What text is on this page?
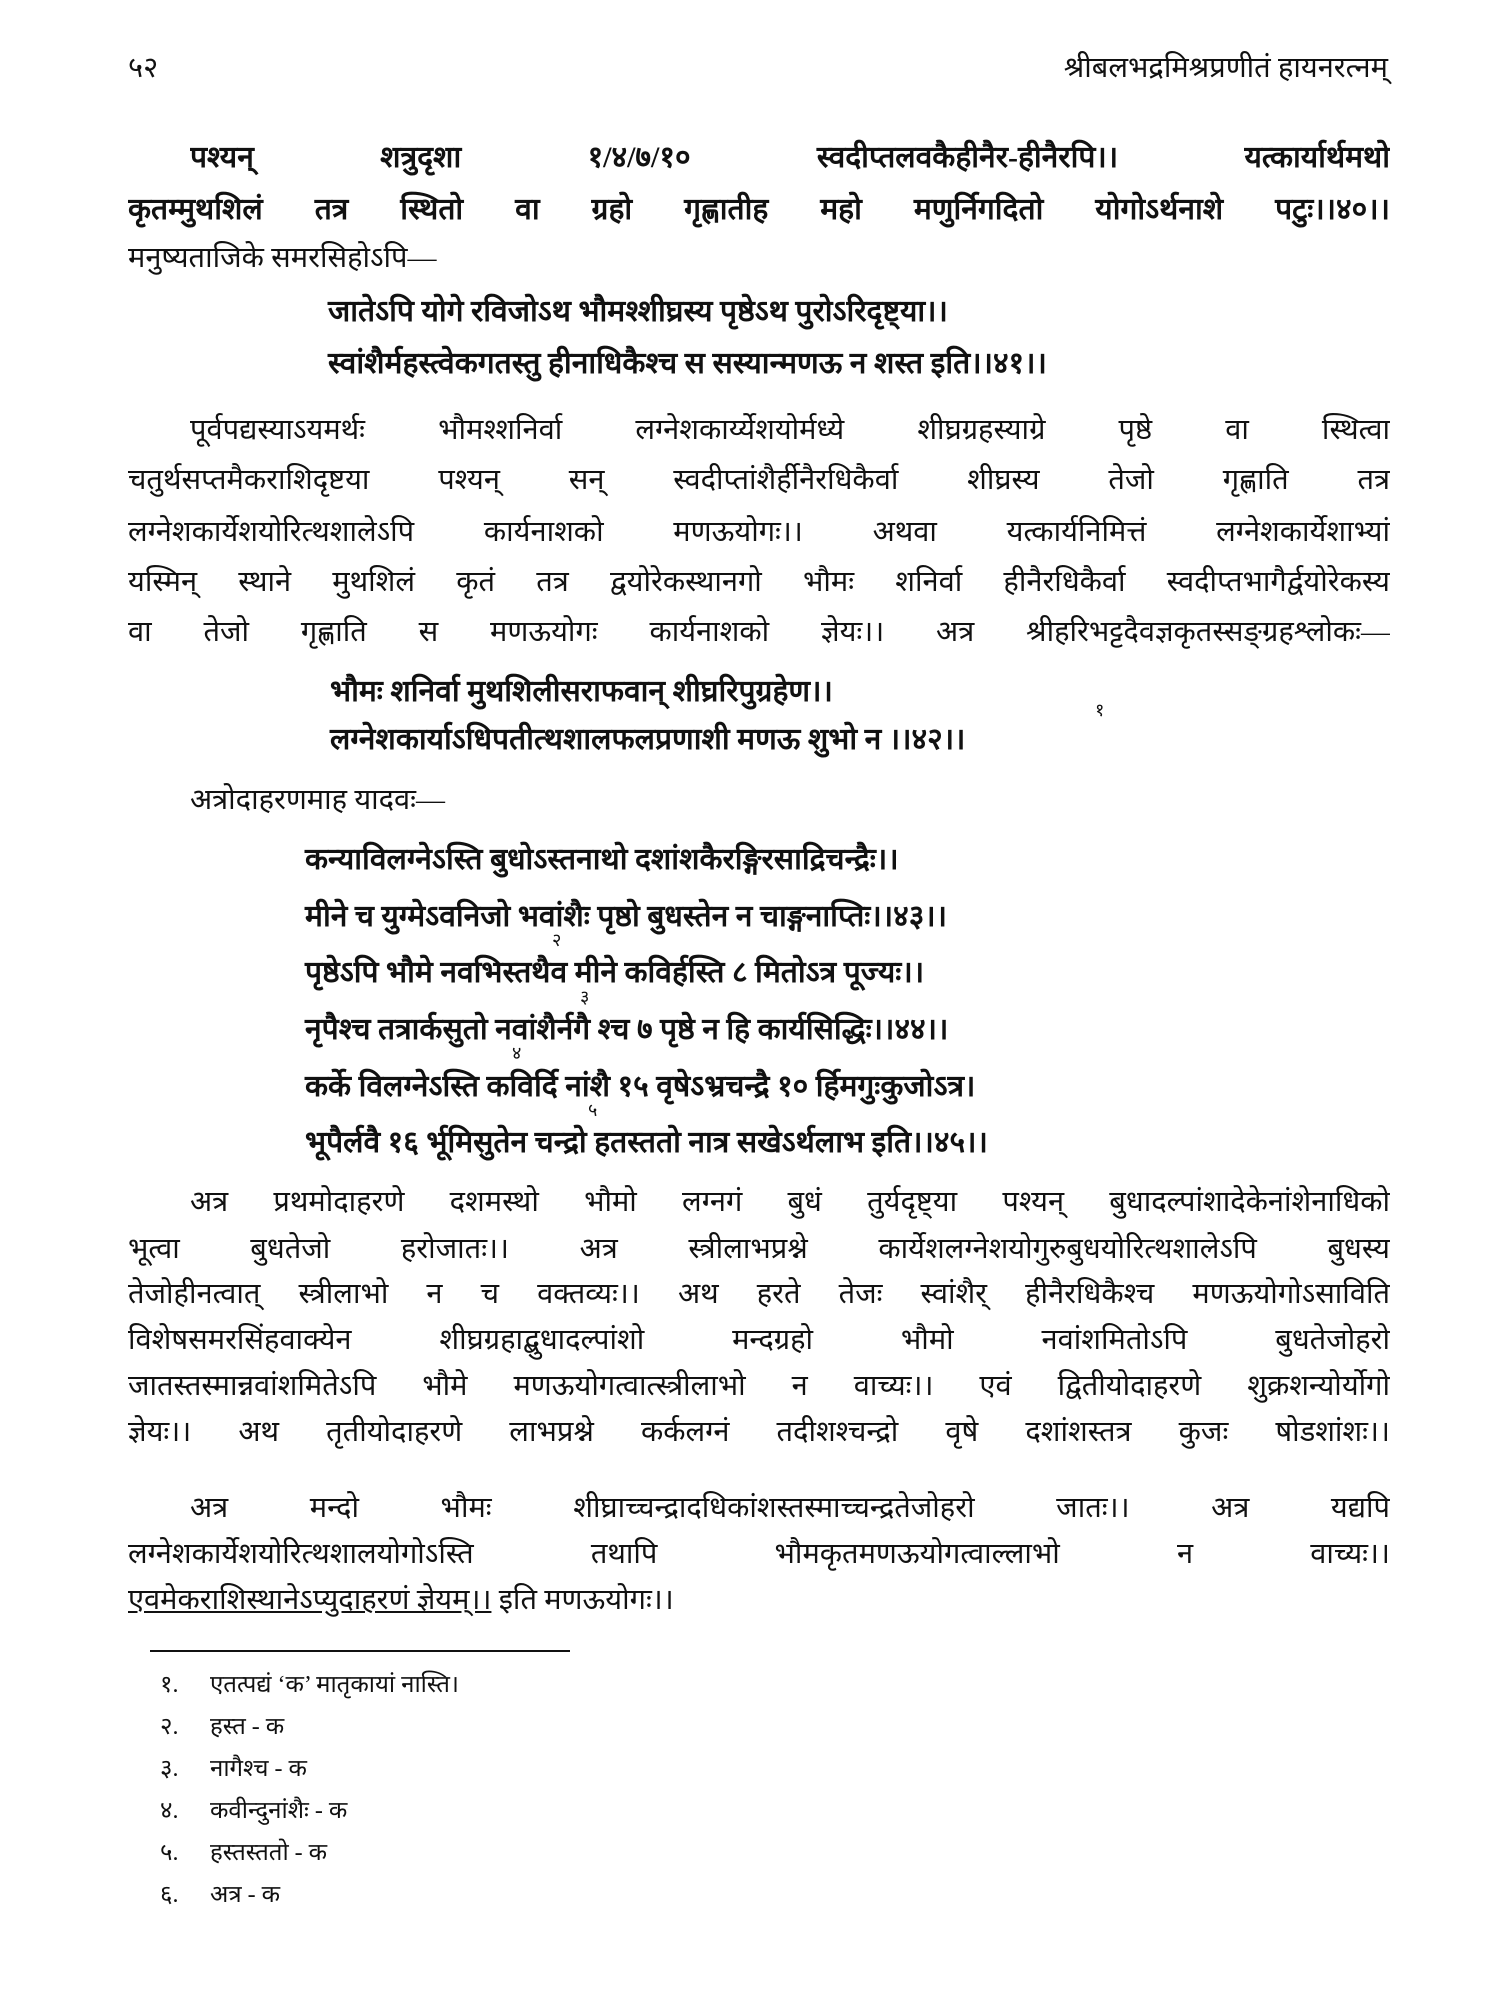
५२	श्रीबलभद्रमिश्रप्रणीतं हायनरत्नम्
पश्यन् शत्रुदृशा १/४/७/१० स्वदीप्तलवकैहीनैर-हीनैरपि।। यत्कार्यार्थमथो
कृतम्मुथशिलं तत्र स्थितो वा ग्रहो गृह्णातीह महो मणुर्निगदितो योगोऽर्थनाशे पटुः।।४०।।
मनुष्यताजिके समरसिहोऽपि—
जातेऽपि योगे रविजोऽथ भौमश्शीघ्रस्य पृष्ठेऽथ पुरोऽरिदृष्ट्या।।
स्वांशैर्महस्त्वेकगतस्तु हीनाधिकैश्च स सस्यान्मणऊ न शस्त इति।।४१।।
पूर्वपद्यस्याऽयमर्थः भौमश्शनिर्वा लग्नेशकार्य्येशयोर्मध्ये शीघ्रग्रहस्याग्रे पृष्ठे वा स्थित्वा
चतुर्थसप्तमैकराशिदृष्टया पश्यन् सन् स्वदीप्तांशैर्हीनैरधिकैर्वा शीघ्रस्य तेजो गृह्णाति तत्र
लग्नेशकार्येशयोरित्थशालेऽपि कार्यनाशको मणऊयोगः।। अथवा यत्कार्यनिमित्तं लग्नेशकार्येशाभ्यां
यस्मिन् स्थाने मुथशिलं कृतं तत्र द्वयोरेकस्थानगो भौमः शनिर्वा हीनैरधिकैर्वा स्वदीप्तभागैर्द्वयोरेकस्य
वा तेजो गृह्णाति स मणऊयोगः कार्यनाशको ज्ञेयः।। अत्र श्रीहरिभट्टदैवज्ञकृतस्सङ्ग्रहश्लोकः—
भौमः शनिर्वा मुथशिलीसराफवान् शीघ्ररिपुग्रहेण।।
लग्नेशकार्याऽधिपतीत्थशालफलप्रणाशी मणऊ शुभो न ।।४२।।
१
अत्रोदाहरणमाह यादवः—
कन्याविलग्नेऽस्ति बुधोऽस्तनाथो दशांशकैरङ्गिरसाद्रिचन्द्रैः।।
मीने च युग्मेऽवनिजो भवांशैः पृष्ठो बुधस्तेन न चाङ्गनाप्तिः।।४३।।
पृष्ठेऽपि भौमे नवभिस्तथैव मीने कविर्हस्ति ८ मितोऽत्र पूज्यः।।
नृपैश्च तत्रार्कसुतो नवांशैर्नगै श्च ७ पृष्ठे न हि कार्यसिद्धिः।।४४।।
कर्के विलग्नेऽस्ति कविर्दि नांशै १५ वृषेऽभ्रचन्द्रै १० र्हिमगुःकुजोऽत्र।
भूपैर्लवै १६ र्भूमिसुतेन चन्द्रो हतस्ततो नात्र सखेऽर्थलाभ इति।।४५।।
२
३
४
५
अत्र प्रथमोदाहरणे दशमस्थो भौमो लग्नगं बुधं तुर्यदृष्ट्या पश्यन् बुधादल्पांशादेकेनांशेनाधिको
भूत्वा बुधतेजो हरोजातः।। अत्र स्त्रीलाभप्रश्ने कार्येशलग्नेशयोगुरुबुधयोरित्थशालेऽपि बुधस्य
तेजोहीनत्वात् स्त्रीलाभो न च वक्तव्यः।। अथ हरते तेजः स्वांशैर् हीनैरधिकैश्च मणऊयोगोऽसाविति
विशेषसमरसिंहवाक्येन शीघ्रग्रहाद्बुधादल्पांशो मन्दग्रहो भौमो नवांशमितोऽपि बुधतेजोहरो
जातस्तस्मान्नवांशमितेऽपि भौमे मणऊयोगत्वात्स्त्रीलाभो न वाच्यः।। एवं द्वितीयोदाहरणे शुक्रशन्योर्योगो
ज्ञेयः।। अथ तृतीयोदाहरणे लाभप्रश्ने कर्कलग्नं तदीशश्चन्द्रो वृषे दशांशस्तत्र कुजः षोडशांशः।।
अत्र मन्दो भौमः शीघ्राच्चन्द्रादधिकांशस्तस्माच्चन्द्रतेजोहरो जातः।। अत्र यद्यपि
लग्नेशकार्येशयोरित्थशालयोगोऽस्ति तथापि भौमकृतमणऊयोगत्वाल्लाभो न वाच्यः।।
एवमेकराशिस्थानेऽप्युदाहरणं ज्ञेयम्।। इति मणऊयोगः।।
१. एतत्पद्यं ‘क’ मातृकायां नास्ति।
२. हस्त - क
३. नागैश्च - क
४. कवीन्दुनांशैः - क
५. हस्तस्ततो - क
६. अत्र - क
